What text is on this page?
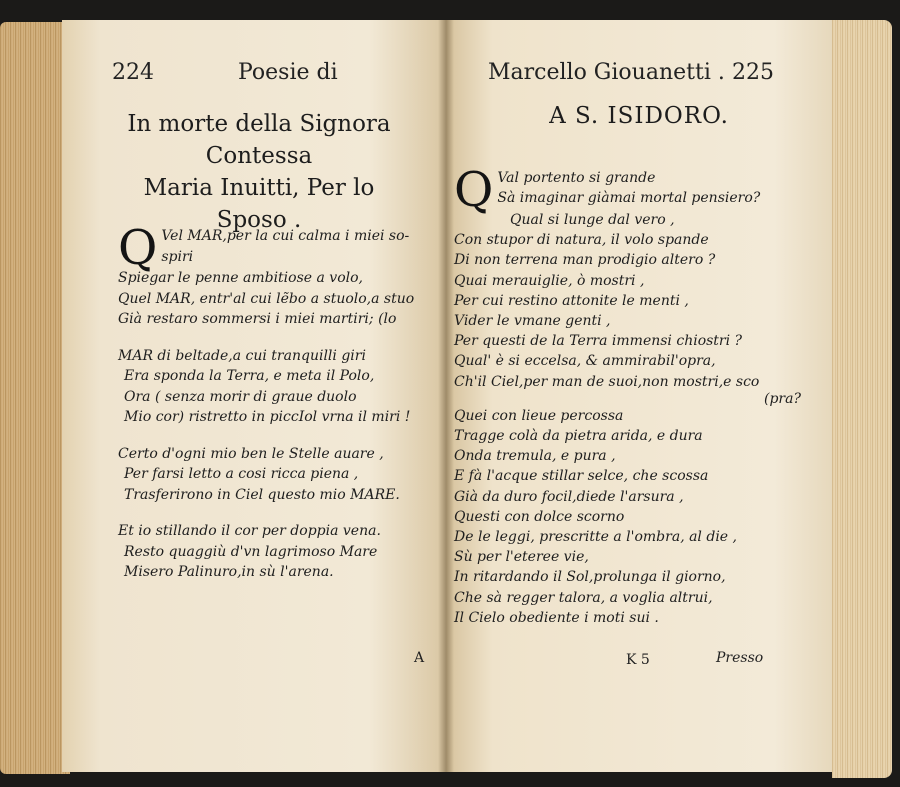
224	Poesie di
In morte della Signora Contessa
Maria Inuitti, Per lo
Sposo .
Q Vel MAR,per la cui calma i miei so-
spiri
Spiegar le penne ambitiose a volo,
Quel MAR, entr'al cui lẽbo a stuolo,a stuo
Già restaro sommersi i miei martiri; (lo
MAR di beltade,a cui tranquilli giri
Era sponda la Terra, e meta il Polo,
Ora ( senza morir di graue duolo
Mio cor) ristretto in piccIol vrna il miri !
Certo d'ogni mio ben le Stelle auare ,
Per farsi letto a cosi ricca piena ,
Trasferirono in Ciel questo mio MARE.
Et io stillando il cor per doppia vena.
Resto quaggiù d'vn lagrimoso Mare
Misero Palinuro,in sù l'arena.
A
Marcello Giouanetti . 225
A S. ISIDORO.
Q Val portento si grande
Sà imaginar giàmai mortal pensiero?
Qual si lunge dal vero ,
Con stupor di natura, il volo spande
Di non terrena man prodigio altero ?
Quai merauiglie, ò mostri ,
Per cui restino attonite le menti ,
Vider le vmane genti ,
Per questi de la Terra immensi chiostri ?
Qual' è si eccelsa, & ammirabil'opra,
Ch'il Ciel,per man de suoi,non mostri,e sco
(pra?
Quei con lieue percossa
Tragge colà da pietra arida, e dura
Onda tremula, e pura ,
E fà l'acque stillar selce, che scossa
Già da duro focil,diede l'arsura ,
Questi con dolce scorno
De le leggi, prescritte a l'ombra, al die ,
Sù per l'eteree vie,
In ritardando il Sol,prolunga il giorno,
Che sà regger talora, a voglia altrui,
Il Cielo obediente i moti sui .
K 5	Presso
